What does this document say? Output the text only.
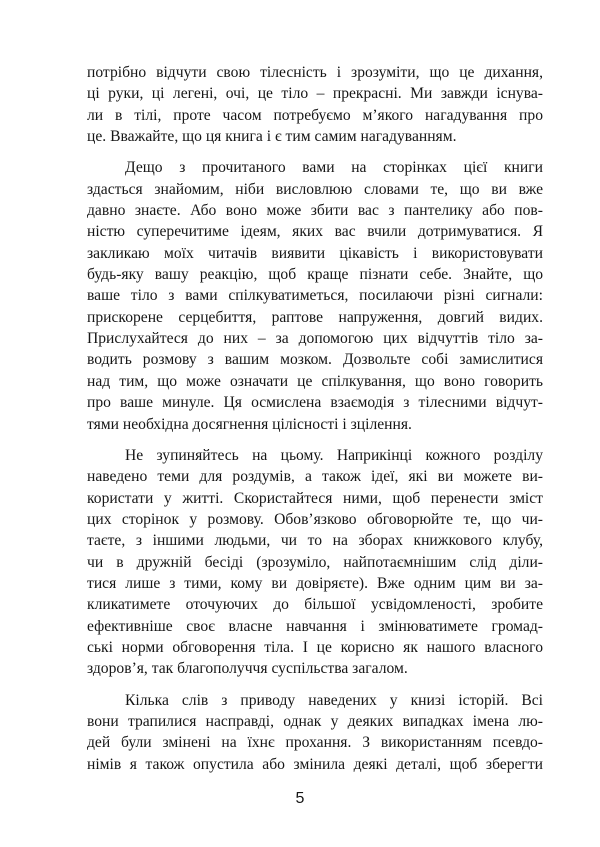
потрібно відчути свою тілесність і зрозуміти, що це дихання,
ці руки, ці легені, очі, це тіло – прекрасні. Ми завжди існува-
ли в тілі, проте часом потребуємо м’якого нагадування про
це. Вважайте, що ця книга і є тим самим нагадуванням.
Дещо з прочитаного вами на сторінках цієї книги
здасться знайомим, ніби висловлюю словами те, що ви вже
давно знаєте. Або воно може збити вас з пантелику або пов-
ністю суперечитиме ідеям, яких вас вчили дотримуватися. Я
закликаю моїх читачів виявити цікавість і використовувати
будь-яку вашу реакцію, щоб краще пізнати себе. Знайте, що
ваше тіло з вами спілкуватиметься, посилаючи різні сигнали:
прискорене серцебиття, раптове напруження, довгий видих.
Прислухайтеся до них – за допомогою цих відчуттів тіло за-
водить розмову з вашим мозком. Дозвольте собі замислитися
над тим, що може означати це спілкування, що воно говорить
про ваше минуле. Ця осмислена взаємодія з тілесними відчут-
тями необхідна досягнення цілісності і зцілення.
Не зупиняйтесь на цьому. Наприкінці кожного розділу
наведено теми для роздумів, а також ідеї, які ви можете ви-
користати у житті. Скористайтеся ними, щоб перенести зміст
цих сторінок у розмову. Обов’язково обговорюйте те, що чи-
таєте, з іншими людьми, чи то на зборах книжкового клубу,
чи в дружній бесіді (зрозуміло, найпотаємнішим слід діли-
тися лише з тими, кому ви довіряєте). Вже одним цим ви за-
кликатимете оточуючих до більшої усвідомленості, зробите
ефективніше своє власне навчання і змінюватимете громад-
ські норми обговорення тіла. І це корисно як нашого власного
здоров’я, так благополуччя суспільства загалом.
Кілька слів з приводу наведених у книзі історій. Всі
вони трапилися насправді, однак у деяких випадках імена лю-
дей були змінені на їхнє прохання. З використанням псевдо-
німів я також опустила або змінила деякі деталі, щоб зберегти
5
